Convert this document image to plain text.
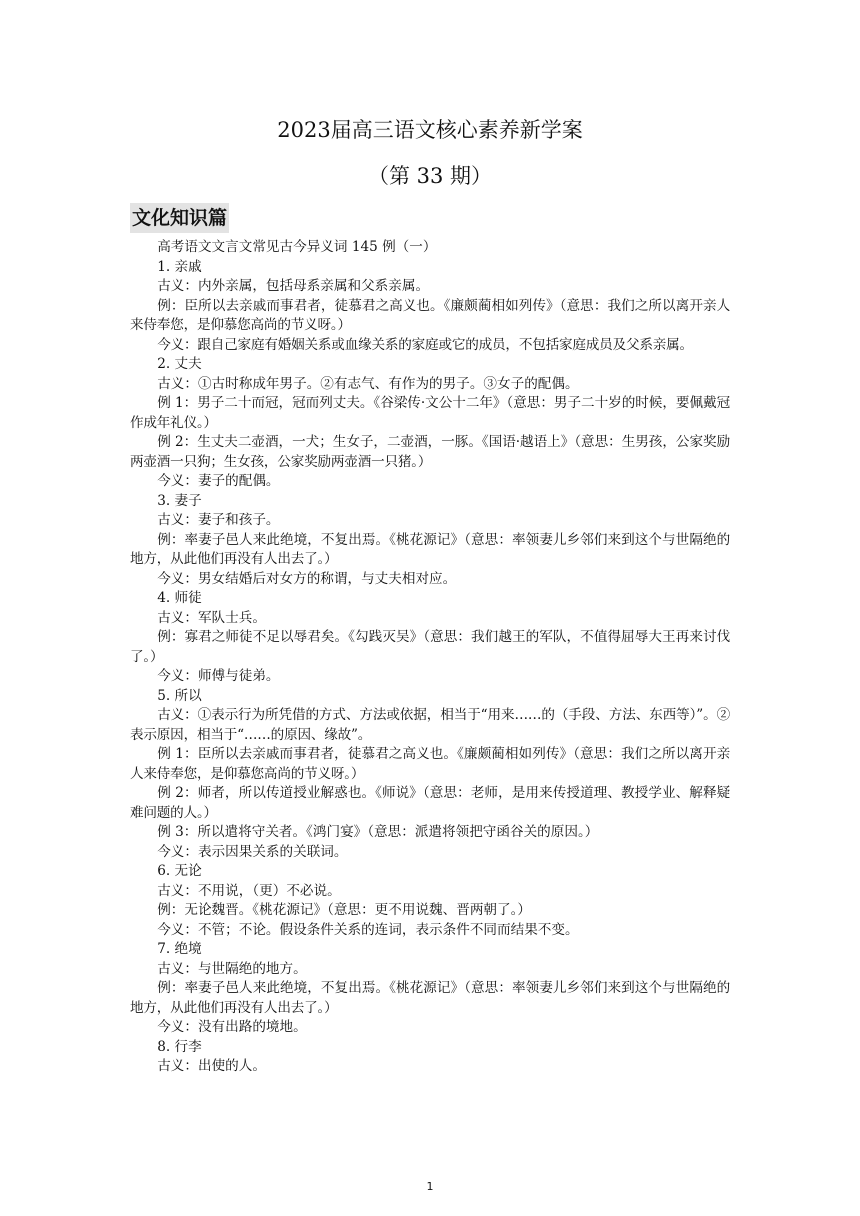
2023届高三语文核心素养新学案
（第 33 期）
文化知识篇

高考语文文言文常见古今异义词 145 例（一）

1. 亲戚

古义：内外亲属，包括母系亲属和父系亲属。

例：臣所以去亲戚而事君者，徒慕君之高义也。《廉颇蔺相如列传》（意思：我们之所以离开亲人来侍奉您，是仰慕您高尚的节义呀。）

今义：跟自己家庭有婚姻关系或血缘关系的家庭或它的成员，不包括家庭成员及父系亲属。

2. 丈夫

古义：①古时称成年男子。②有志气、有作为的男子。③女子的配偶。

例 1：男子二十而冠，冠而列丈夫。《谷梁传·文公十二年》（意思：男子二十岁的时候，要佩戴冠作成年礼仪。）

例 2：生丈夫二壶酒，一犬；生女子，二壶酒，一豚。《国语·越语上》（意思：生男孩，公家奖励两壶酒一只狗；生女孩，公家奖励两壶酒一只猪。）

今义：妻子的配偶。

3. 妻子

古义：妻子和孩子。

例：率妻子邑人来此绝境，不复出焉。《桃花源记》（意思：率领妻儿乡邻们来到这个与世隔绝的地方，从此他们再没有人出去了。）

今义：男女结婚后对女方的称谓，与丈夫相对应。

4. 师徒

古义：军队士兵。

例：寡君之师徒不足以辱君矣。《勾践灭吴》（意思：我们越王的军队，不值得屈辱大王再来讨伐了。）

今义：师傅与徒弟。

5. 所以

古义：①表示行为所凭借的方式、方法或依据，相当于“用来……的（手段、方法、东西等）”。②表示原因，相当于“……的原因、缘故”。

例 1：臣所以去亲戚而事君者，徒慕君之高义也。《廉颇蔺相如列传》（意思：我们之所以离开亲人来侍奉您，是仰慕您高尚的节义呀。）

例 2：师者，所以传道授业解惑也。《师说》（意思：老师，是用来传授道理、教授学业、解释疑难问题的人。）

例 3：所以遣将守关者。《鸿门宴》（意思：派遣将领把守函谷关的原因。）

今义：表示因果关系的关联词。

6. 无论

古义：不用说，（更）不必说。

例：无论魏晋。《桃花源记》（意思：更不用说魏、晋两朝了。）

今义：不管；不论。假设条件关系的连词，表示条件不同而结果不变。

7. 绝境

古义：与世隔绝的地方。

例：率妻子邑人来此绝境，不复出焉。《桃花源记》（意思：率领妻儿乡邻们来到这个与世隔绝的地方，从此他们再没有人出去了。）

今义：没有出路的境地。

8. 行李

古义：出使的人。

1
